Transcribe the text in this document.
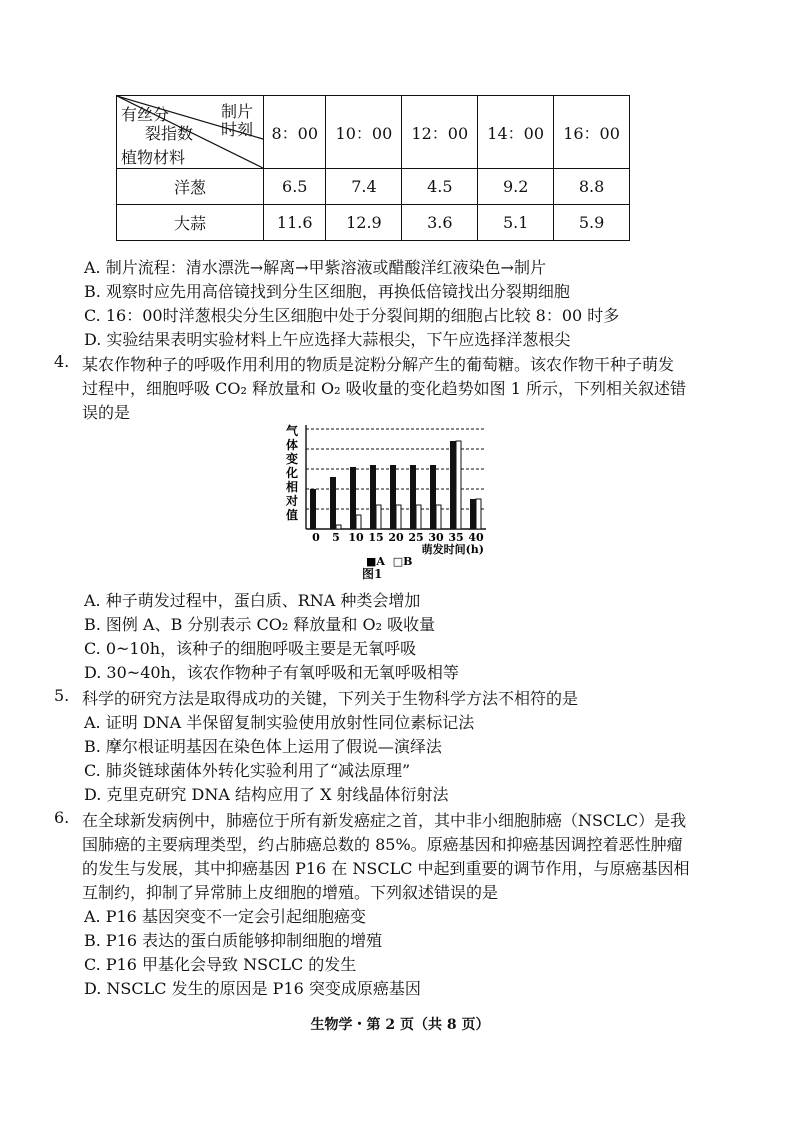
有丝分
裂指数
植物材料
制片
时刻	8：00	10：00	12：00	14：00	16：00
洋葱	6.5	7.4	4.5	9.2	8.8
大蒜	11.6	12.9	3.6	5.1	5.9
A. 制片流程：清水漂洗→解离→甲紫溶液或醋酸洋红液染色→制片
B. 观察时应先用高倍镜找到分生区细胞，再换低倍镜找出分裂期细胞
C. 16：00时洋葱根尖分生区细胞中处于分裂间期的细胞占比较 8：00 时多
D. 实验结果表明实验材料上午应选择大蒜根尖，下午应选择洋葱根尖
4. 某农作物种子的呼吸作用利用的物质是淀粉分解产生的葡萄糖。该农作物干种子萌发
过程中，细胞呼吸 CO₂ 释放量和 O₂ 吸收量的变化趋势如图 1 所示，下列相关叙述错
误的是
0 5 10 15 20 25 30 35 40
气
体
变
化
相
对
值
萌发时间(h)
■A □B
图1
A. 种子萌发过程中，蛋白质、RNA 种类会增加
B. 图例 A、B 分别表示 CO₂ 释放量和 O₂ 吸收量
C. 0~10h，该种子的细胞呼吸主要是无氧呼吸
D. 30~40h，该农作物种子有氧呼吸和无氧呼吸相等
5. 科学的研究方法是取得成功的关键，下列关于生物科学方法不相符的是
A. 证明 DNA 半保留复制实验使用放射性同位素标记法
B. 摩尔根证明基因在染色体上运用了假说—演绎法
C. 肺炎链球菌体外转化实验利用了“减法原理”
D. 克里克研究 DNA 结构应用了 X 射线晶体衍射法
6. 在全球新发病例中，肺癌位于所有新发癌症之首，其中非小细胞肺癌（NSCLC）是我
国肺癌的主要病理类型，约占肺癌总数的 85%。原癌基因和抑癌基因调控着恶性肿瘤
的发生与发展，其中抑癌基因 P16 在 NSCLC 中起到重要的调节作用，与原癌基因相
互制约，抑制了异常肺上皮细胞的增殖。下列叙述错误的是
A. P16 基因突变不一定会引起细胞癌变
B. P16 表达的蛋白质能够抑制细胞的增殖
C. P16 甲基化会导致 NSCLC 的发生
D. NSCLC 发生的原因是 P16 突变成原癌基因
生物学・第 2 页（共 8 页）
